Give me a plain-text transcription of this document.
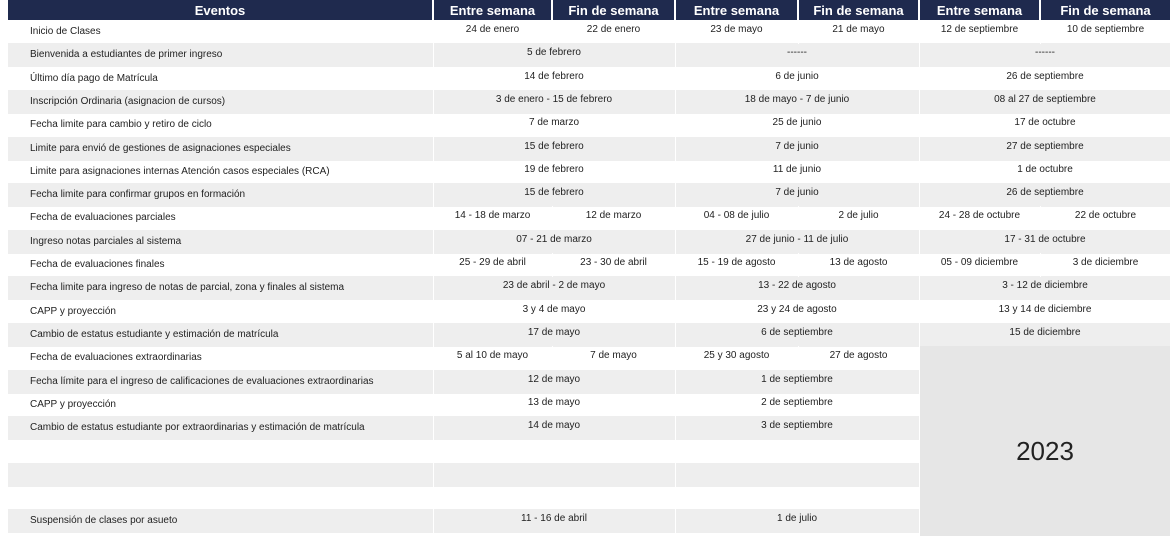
Eventos	Entre semana	Fin de semana	Entre semana	Fin de semana	Entre semana	Fin de semana
Inicio de Clases	24 de enero	22 de enero	23 de mayo	21 de mayo	12 de septiembre	10 de septiembre
Bienvenida a estudiantes de primer ingreso	5 de febrero	------	------
Último día pago de Matrícula	14 de febrero	6 de junio	26 de septiembre
Inscripción Ordinaria (asignacion de cursos)	3 de enero - 15 de febrero	18 de mayo - 7 de junio	08 al 27 de septiembre
Fecha limite para cambio y retiro de ciclo	7 de marzo	25 de junio	17 de octubre
Limite para envió de gestiones de asignaciones especiales	15 de febrero	7 de junio	27 de septiembre
Limite para asignaciones internas Atención casos especiales (RCA)	19 de febrero	11 de junio	1 de octubre
Fecha limite para confirmar grupos en formación	15 de febrero	7 de junio	26 de septiembre
Fecha de evaluaciones parciales	14 - 18 de marzo	12 de marzo	04 - 08 de julio	2 de julio	24 - 28 de octubre	22 de octubre
Ingreso notas parciales al sistema	07 - 21 de marzo	27 de junio - 11 de julio	17 - 31 de octubre
Fecha de evaluaciones finales	25 - 29 de abril	23 - 30 de abril	15 - 19 de agosto	13 de agosto	05 - 09 diciembre	3 de diciembre
Fecha limite para ingreso de notas de parcial, zona y finales al sistema	23 de abril - 2 de mayo	13 - 22 de agosto	3 - 12 de diciembre
CAPP y proyección	3 y 4 de mayo	23 y 24 de agosto	13 y 14 de diciembre
Cambio de estatus estudiante y estimación de matrícula	17 de mayo	6 de septiembre	15 de diciembre
Fecha de evaluaciones extraordinarias	5 al 10 de mayo	7 de mayo	25 y 30 agosto	27 de agosto
Fecha límite para el ingreso de calificaciones de evaluaciones extraordinarias	12 de mayo	1 de septiembre
CAPP y proyección	13 de mayo	2 de septiembre
Cambio de estatus estudiante por extraordinarias y estimación de matrícula	14 de mayo	3 de septiembre
Suspensión de clases por asueto	11 - 16 de abril	1 de julio
2023
